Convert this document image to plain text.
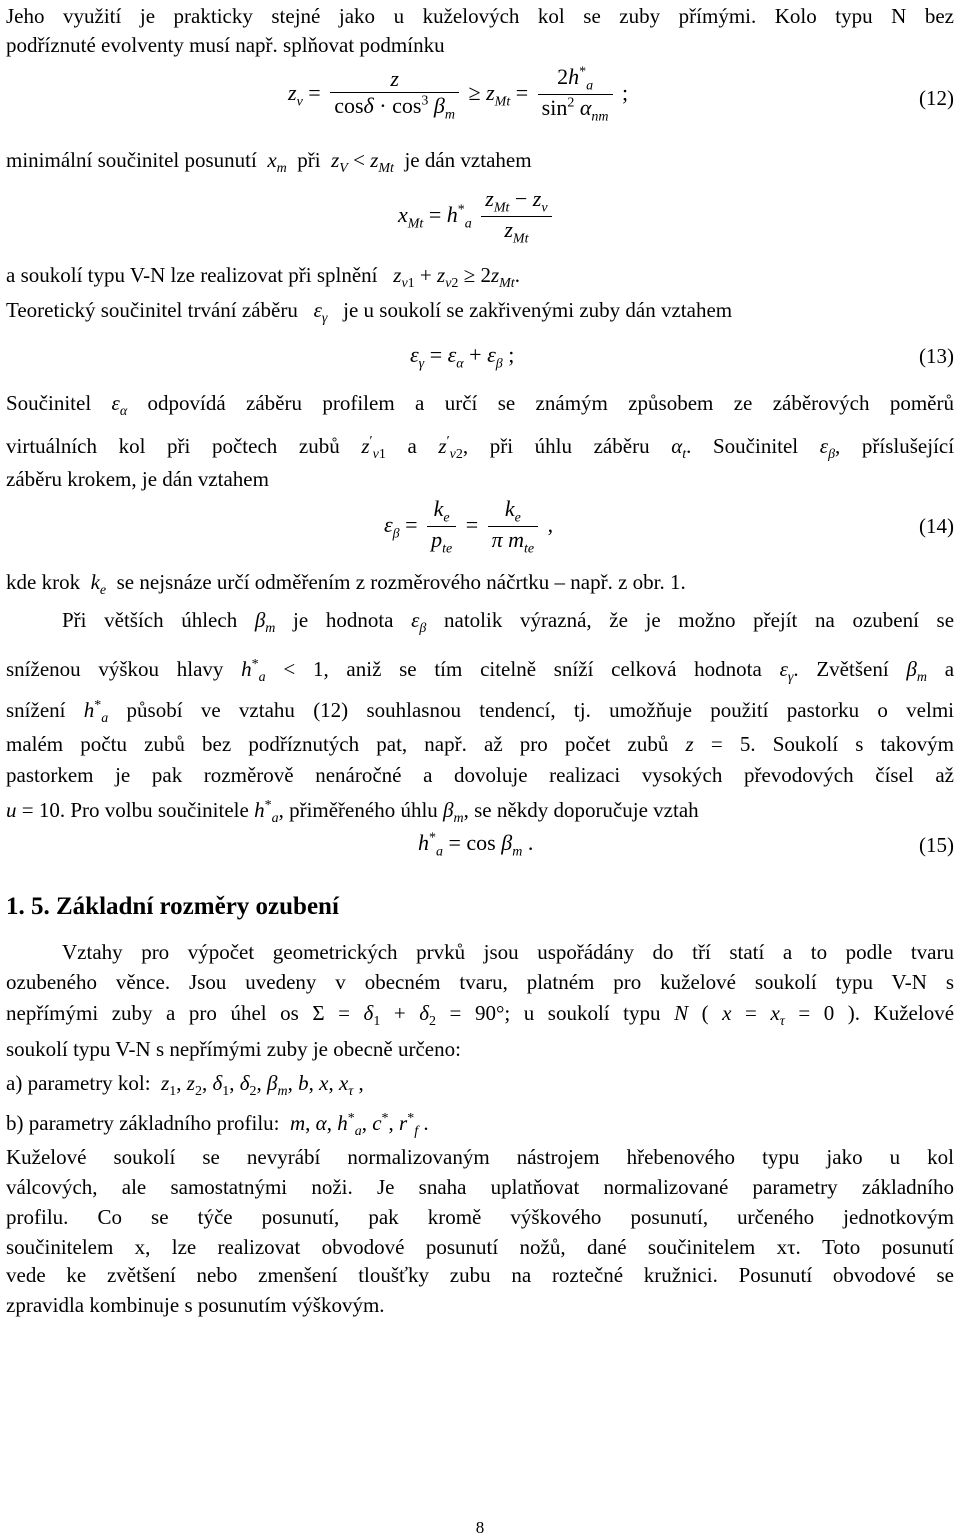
Jeho využití je prakticky stejné jako u kuželových kol se zuby přímými. Kolo typu N bez
podříznuté evolventy musí např. splňovat podmínku
$z_v = \frac{z}{\cos\delta \cdot \cos^3 \beta_m} \ge z_{Mt} = \frac{2h^*_a}{\sin^2 \alpha_{nm}}$ ;	(12)
minimální součinitel posunutí $x_m$ při $z_V < z_{Mt}$ je dán vztahem
$x_{Mt} = h^*_a \frac{z_{Mt} - z_v}{z_{Mt}}$
a soukolí typu V-N lze realizovat při splnění $z_{v1} + z_{v2} \ge 2z_{Mt}$.
Teoretický součinitel trvání záběru $\varepsilon_\gamma$ je u soukolí se zakřivenými zuby dán vztahem
$\varepsilon_\gamma = \varepsilon_\alpha + \varepsilon_\beta$ ;	(13)
Součinitel $\varepsilon_\alpha$ odpovídá záběru profilem a určí se známým způsobem ze záběrových poměrů
virtuálních kol při počtech zubů $z'_{v1}$ a $z'_{v2}$, při úhlu záběru $\alpha_t$. Součinitel $\varepsilon_\beta$, příslušející
záběru krokem, je dán vztahem
$\varepsilon_\beta = \frac{k_e}{p_{te}} = \frac{k_e}{\pi m_{te}}$ ,	(14)
kde krok $k_e$ se nejsnáze určí odměřením z rozměrového náčrtku – např. z obr. 1.
Při větších úhlech $\beta_m$ je hodnota $\varepsilon_\beta$ natolik výrazná, že je možno přejít na ozubení se
sníženou výškou hlavy $h^*_a < 1$, aniž se tím citelně sníží celková hodnota $\varepsilon_\gamma$. Zvětšení $\beta_m$ a
snížení $h^*_a$ působí ve vztahu (12) souhlasnou tendencí, tj. umožňuje použití pastorku o velmi
malém počtu zubů bez podříznutých pat, např. až pro počet zubů z = 5. Soukolí s takovým
pastorkem je pak rozměrově nenáročné a dovoluje realizaci vysokých převodových čísel až
u = 10. Pro volbu součinitele $h^*_a$, přiměřeného úhlu $\beta_m$, se někdy doporučuje vztah
$h^*_a = \cos \beta_m$ .	(15)
1. 5. Základní rozměry ozubení
Vztahy pro výpočet geometrických prvků jsou uspořádány do tří statí a to podle tvaru
ozubeného věnce. Jsou uvedeny v obecném tvaru, platném pro kuželové soukolí typu V-N s
nepřímými zuby a pro úhel os $\Sigma = \delta_1 + \delta_2 = 90^\circ$; u soukolí typu N ( $x = x_\tau = 0$ ). Kuželové
soukolí typu V-N s nepřímými zuby je obecně určeno:
a) parametry kol: $z_1$, $z_2$, $\delta_1$, $\delta_2$, $\beta_m$, b, x, $x_\tau$ ,
b) parametry základního profilu: m, α, $h^*_a$, c*, $r^*_f$ .
Kuželové soukolí se nevyrábí normalizovaným nástrojem hřebenového typu jako u kol
válcových, ale samostatnými noži. Je snaha uplatňovat normalizované parametry základního
profilu. Co se týče posunutí, pak kromě výškového posunutí, určeného jednotkovým
součinitelem x, lze realizovat obvodové posunutí nožů, dané součinitelem xτ. Toto posunutí
vede ke zvětšení nebo zmenšení tloušťky zubu na roztečné kružnici. Posunutí obvodové se
zpravidla kombinuje s posunutím výškovým.
8
